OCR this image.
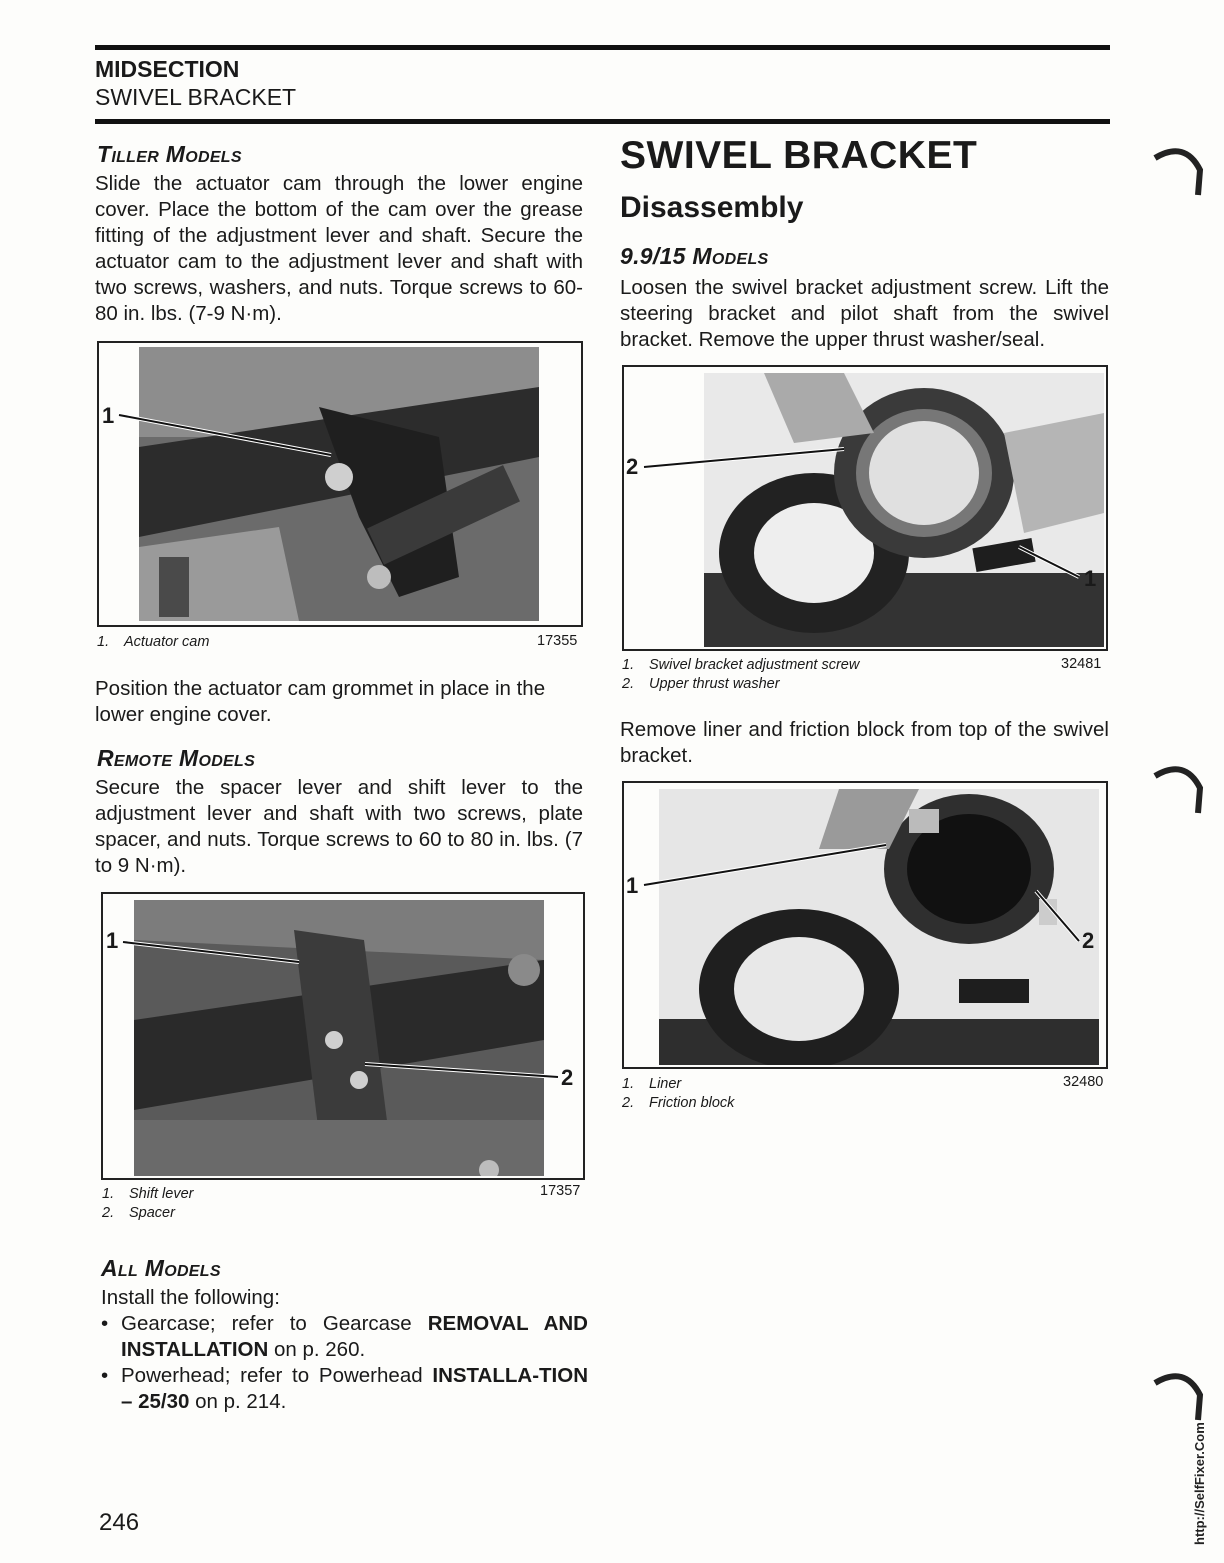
MIDSECTION
SWIVEL BRACKET
Tiller Models
Slide the actuator cam through the lower engine cover. Place the bottom of the cam over the grease fitting of the adjustment lever and shaft. Secure the actuator cam to the adjustment lever and shaft with two screws, washers, and nuts. Torque screws to 60-80 in. lbs. (7-9 N·m).
1
1. Actuator cam	17355
Position the actuator cam grommet in place in the lower engine cover.
Remote Models
Secure the spacer lever and shift lever to the adjustment lever and shaft with two screws, plate spacer, and nuts. Torque screws to 60 to 80 in. lbs. (7 to 9 N·m).
1
2
1. Shift lever	17357
2. Spacer
All Models
Install the following:
• Gearcase; refer to Gearcase REMOVAL AND INSTALLATION on p. 260.
• Powerhead; refer to Powerhead INSTALLA-TION – 25/30 on p. 214.
246
SWIVEL BRACKET
Disassembly
9.9/15 Models
Loosen the swivel bracket adjustment screw. Lift the steering bracket and pilot shaft from the swivel bracket. Remove the upper thrust washer/seal.
2
1
1. Swivel bracket adjustment screw	32481
2. Upper thrust washer
Remove liner and friction block from top of the swivel bracket.
1
2
1. Liner	32480
2. Friction block
http://SelfFixer.Com
